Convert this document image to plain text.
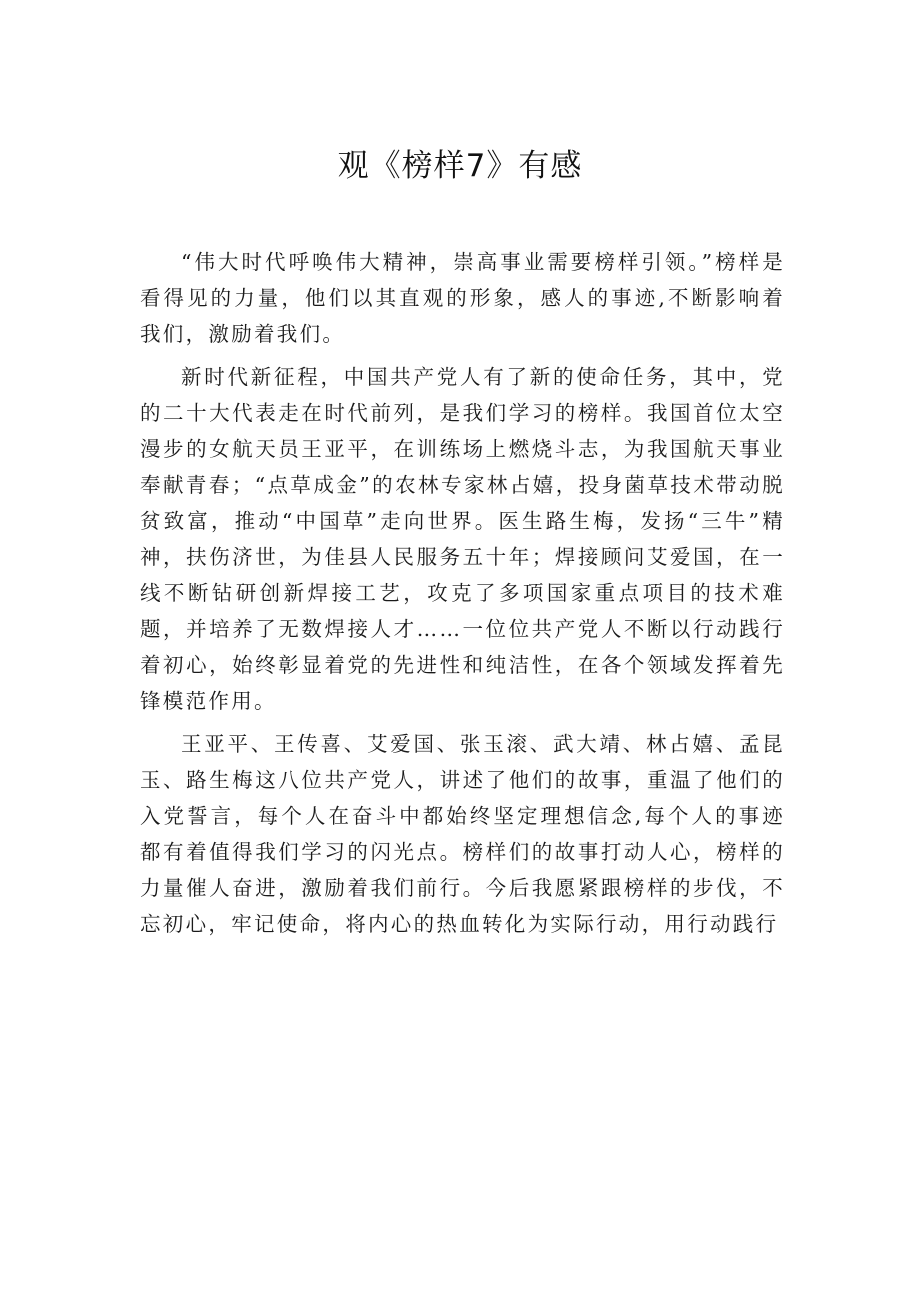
观《榜样7》有感

“伟大时代呼唤伟大精神，崇高事业需要榜样引领。”榜样是看得见的力量，他们以其直观的形象，感人的事迹,不断影响着我们，激励着我们。

新时代新征程，中国共产党人有了新的使命任务，其中，党的二十大代表走在时代前列，是我们学习的榜样。我国首位太空漫步的女航天员王亚平，在训练场上燃烧斗志，为我国航天事业奉献青春；“点草成金”的农林专家林占嬉，投身菌草技术带动脱贫致富，推动“中国草”走向世界。医生路生梅，发扬“三牛”精神，扶伤济世，为佳县人民服务五十年；焊接顾问艾爱国，在一线不断钻研创新焊接工艺，攻克了多项国家重点项目的技术难题，并培养了无数焊接人才……一位位共产党人不断以行动践行着初心，始终彰显着党的先进性和纯洁性，在各个领域发挥着先锋模范作用。

王亚平、王传喜、艾爱国、张玉滚、武大靖、林占嬉、孟昆玉、路生梅这八位共产党人，讲述了他们的故事，重温了他们的入党誓言，每个人在奋斗中都始终坚定理想信念,每个人的事迹都有着值得我们学习的闪光点。榜样们的故事打动人心，榜样的力量催人奋进，激励着我们前行。今后我愿紧跟榜样的步伐，不忘初心，牢记使命，将内心的热血转化为实际行动，用行动践行
